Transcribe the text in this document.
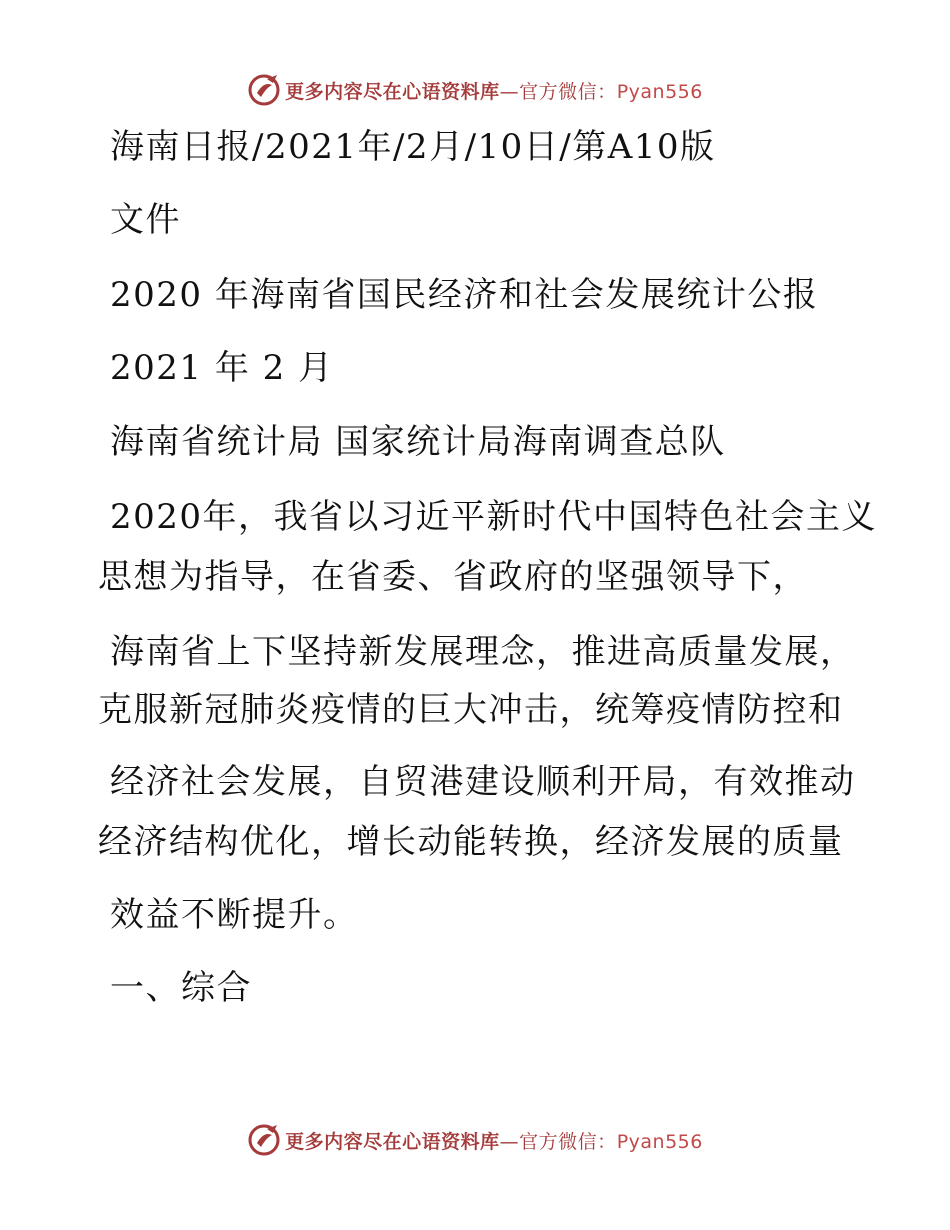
更多内容尽在心语资料库—官方微信：Pyan556
海南日报/2021年/2月/10日/第A10版
文件
2020 年海南省国民经济和社会发展统计公报
2021 年 2 月
海南省统计局 国家统计局海南调查总队
2020年，我省以习近平新时代中国特色社会主义
思想为指导，在省委、省政府的坚强领导下，
海南省上下坚持新发展理念，推进高质量发展，
克服新冠肺炎疫情的巨大冲击，统筹疫情防控和
经济社会发展，自贸港建设顺利开局，有效推动
经济结构优化，增长动能转换，经济发展的质量
效益不断提升。
一、综合
更多内容尽在心语资料库—官方微信：Pyan556
